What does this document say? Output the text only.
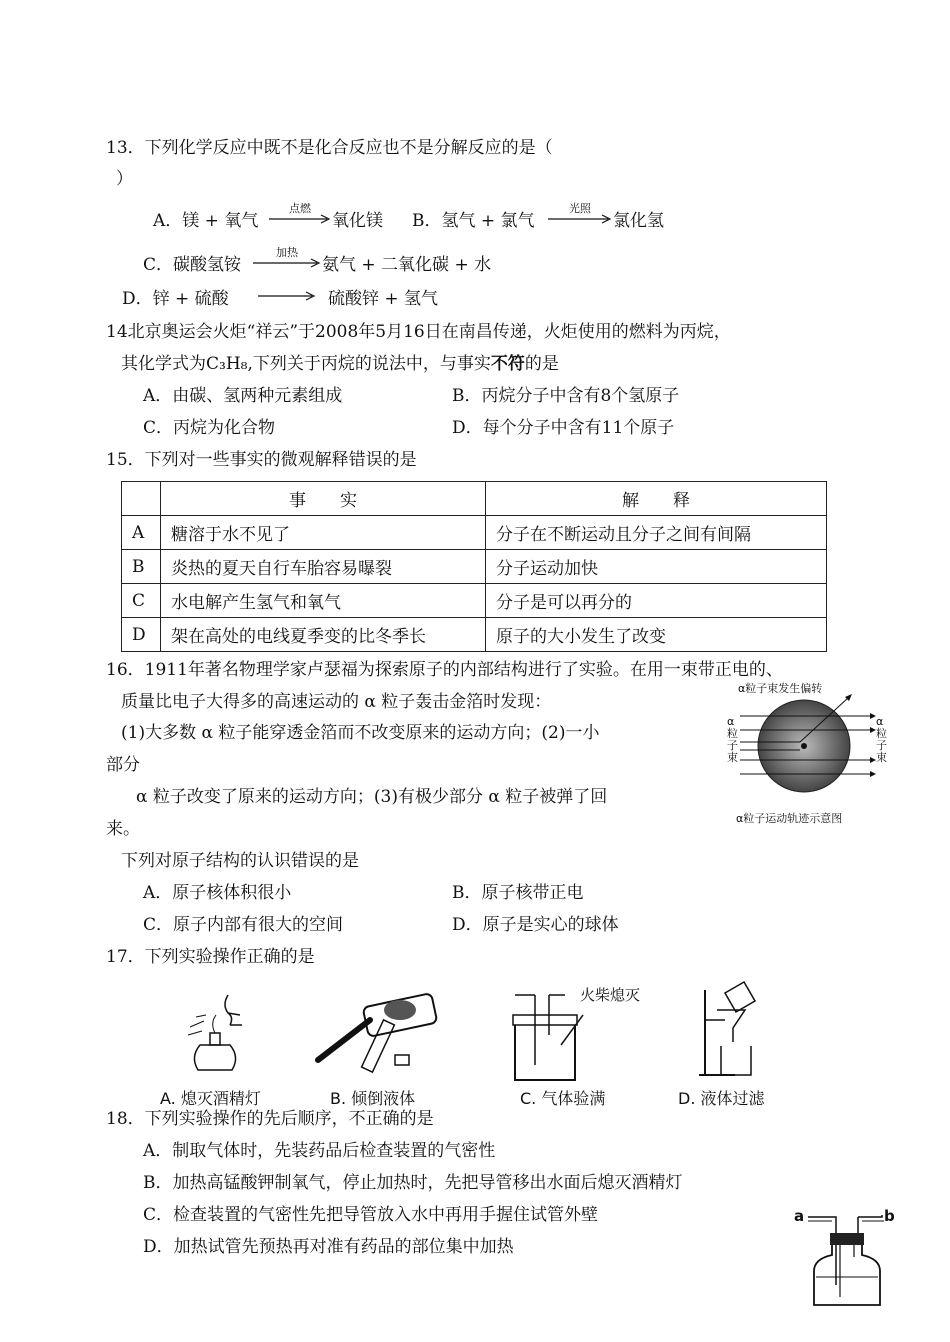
13．下列化学反应中既不是化合反应也不是分解反应的是（
）
A．镁 + 氧气
点燃
氧化镁 B．氢气 + 氯气
光照
氯化氢
C．碳酸氢铵
加热
氨气 + 二氧化碳 + 水
D．锌 + 硫酸 → 硫酸锌 + 氢气
14北京奥运会火炬“祥云”于2008年5月16日在南昌传递，火炬使用的燃料为丙烷，
其化学式为C₃H₈,下列关于丙烷的说法中，与事实不符的是
A．由碳、氢两种元素组成	B．丙烷分子中含有8个氢原子
C．丙烷为化合物	D．每个分子中含有11个原子
15．下列对一些事实的微观解释错误的是
	事　　实	解　　释
A	糖溶于水不见了	分子在不断运动且分子之间有间隔
B	炎热的夏天自行车胎容易曝裂	分子运动加快
C	水电解产生氢气和氧气	分子是可以再分的
D	架在高处的电线夏季变的比冬季长	原子的大小发生了改变
16．1911年著名物理学家卢瑟福为探索原子的内部结构进行了实验。在用一束带正电的、
质量比电子大得多的高速运动的 α 粒子轰击金箔时发现：
(1)大多数 α 粒子能穿透金箔而不改变原来的运动方向；(2)一小
部分
α 粒子改变了原来的运动方向；(3)有极少部分 α 粒子被弹了回
来。
下列对原子结构的认识错误的是
A．原子核体积很小	B．原子核带正电
C．原子内部有很大的空间	D．原子是实心的球体
α粒子束发生偏转
α粒子束
α粒子束
α粒子运动轨迹示意图
17．下列实验操作正确的是
火柴熄灭
A. 熄灭酒精灯	B. 倾倒液体	C. 气体验满	D. 液体过滤
18．下列实验操作的先后顺序，不正确的是
A．制取气体时，先装药品后检查装置的气密性
B．加热高锰酸钾制氧气，停止加热时，先把导管移出水面后熄灭酒精灯
C．检查装置的气密性先把导管放入水中再用手握住试管外壁
D．加热试管先预热再对准有药品的部位集中加热
a	b
